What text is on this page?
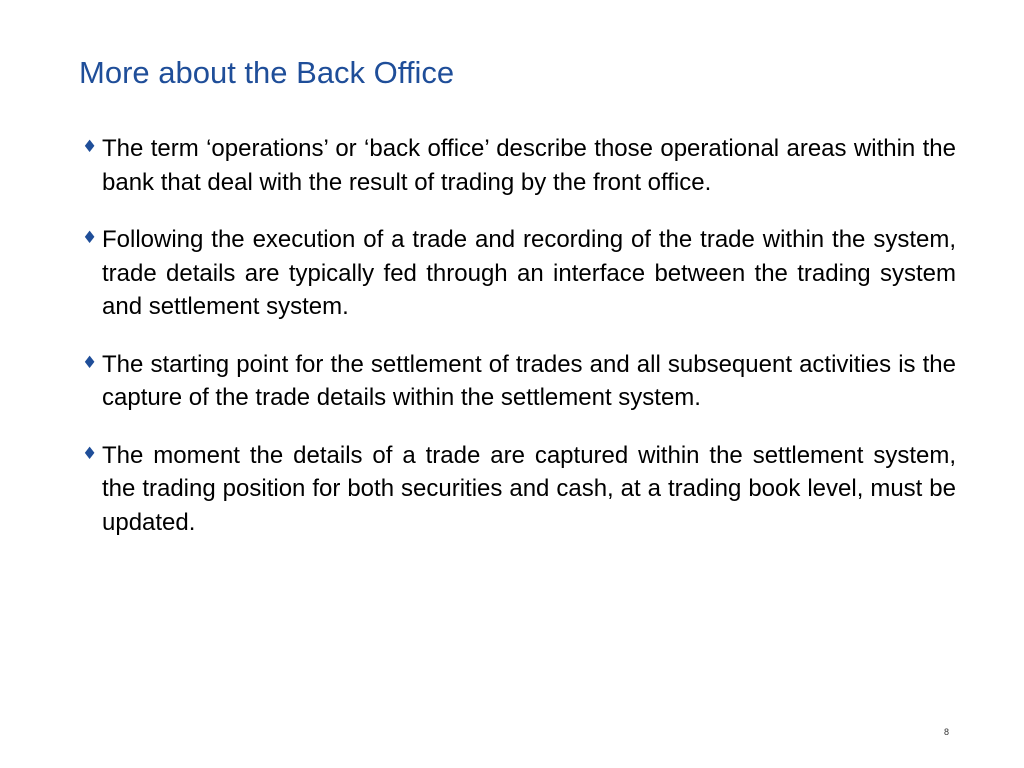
More about the Back Office
♦ The term ‘operations’ or ‘back office’ describe those operational areas within the bank that deal with the result of trading by the front office.
♦ Following the execution of a trade and recording of the trade within the system, trade details are typically fed through an interface between the trading system and settlement system.
♦ The starting point for the settlement of trades and all subsequent activities is the capture of the trade details within the settlement system.
♦ The moment the details of a trade are captured within the settlement system, the trading position for both securities and cash, at a trading book level, must be updated.
8
